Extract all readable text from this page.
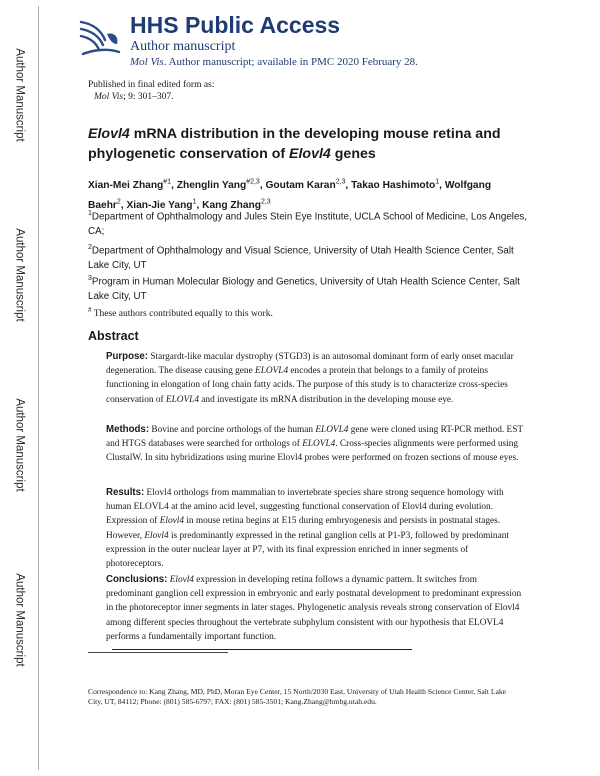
Author Manuscript
Author Manuscript
Author Manuscript
Author Manuscript
HHS Public Access
Author manuscript
Mol Vis. Author manuscript; available in PMC 2020 February 28.
Published in final edited form as:
Mol Vis; 9: 301–307.
Elovl4 mRNA distribution in the developing mouse retina and phylogenetic conservation of Elovl4 genes
Xian-Mei Zhang$^{\#1}$, Zhenglin Yang$^{\#2,3}$, Goutam Karan$^{2,3}$, Takao Hashimoto$^1$, Wolfgang Baehr$^2$, Xian-Jie Yang$^1$, Kang Zhang$^{2,3}$
$^1$Department of Ophthalmology and Jules Stein Eye Institute, UCLA School of Medicine, Los Angeles, CA;
$^2$Department of Ophthalmology and Visual Science, University of Utah Health Science Center, Salt Lake City, UT
$^3$Program in Human Molecular Biology and Genetics, University of Utah Health Science Center, Salt Lake City, UT
# These authors contributed equally to this work.
Abstract
Purpose: Stargardt-like macular dystrophy (STGD3) is an autosomal dominant form of early onset macular degeneration. The disease causing gene ELOVL4 encodes a protein that belongs to a family of proteins functioning in elongation of long chain fatty acids. The purpose of this study is to characterize cross-species conservation of ELOVL4 and investigate its mRNA distribution in the developing mouse eye.
Methods: Bovine and porcine orthologs of the human ELOVL4 gene were cloned using RT-PCR method. EST and HTGS databases were searched for orthologs of ELOVL4. Cross-species alignments were performed using ClustalW. In situ hybridizations using murine Elovl4 probes were performed on frozen sections of mouse eyes.
Results: Elovl4 orthologs from mammalian to invertebrate species share strong sequence homology with human ELOVL4 at the amino acid level, suggesting functional conservation of Elovl4 during evolution. Expression of Elovl4 in mouse retina begins at E15 during embryogenesis and persists in postnatal stages. However, Elovl4 is predominantly expressed in the retinal ganglion cells at P1-P3, followed by predominant expression in the outer nuclear layer at P7, with its final expression enriched in inner segments of photoreceptors.
Conclusions: Elovl4 expression in developing retina follows a dynamic pattern. It switches from predominant ganglion cell expression in embryonic and early postnatal development to predominant expression in the photoreceptor inner segments in later stages. Phylogenetic analysis reveals strong conservation of Elovl4 among different species throughout the vertebrate subphylum consistent with our hypothesis that ELOVL4 performs a fundamentally important function.
Correspondence to: Kang Zhang, MD, PhD, Moran Eye Center, 15 North/2030 East, University of Utah Health Science Center, Salt Lake City, UT, 84112; Phone: (801) 585-6797; FAX: (801) 585-3501; Kang.Zhang@hmbg.utah.edu.
